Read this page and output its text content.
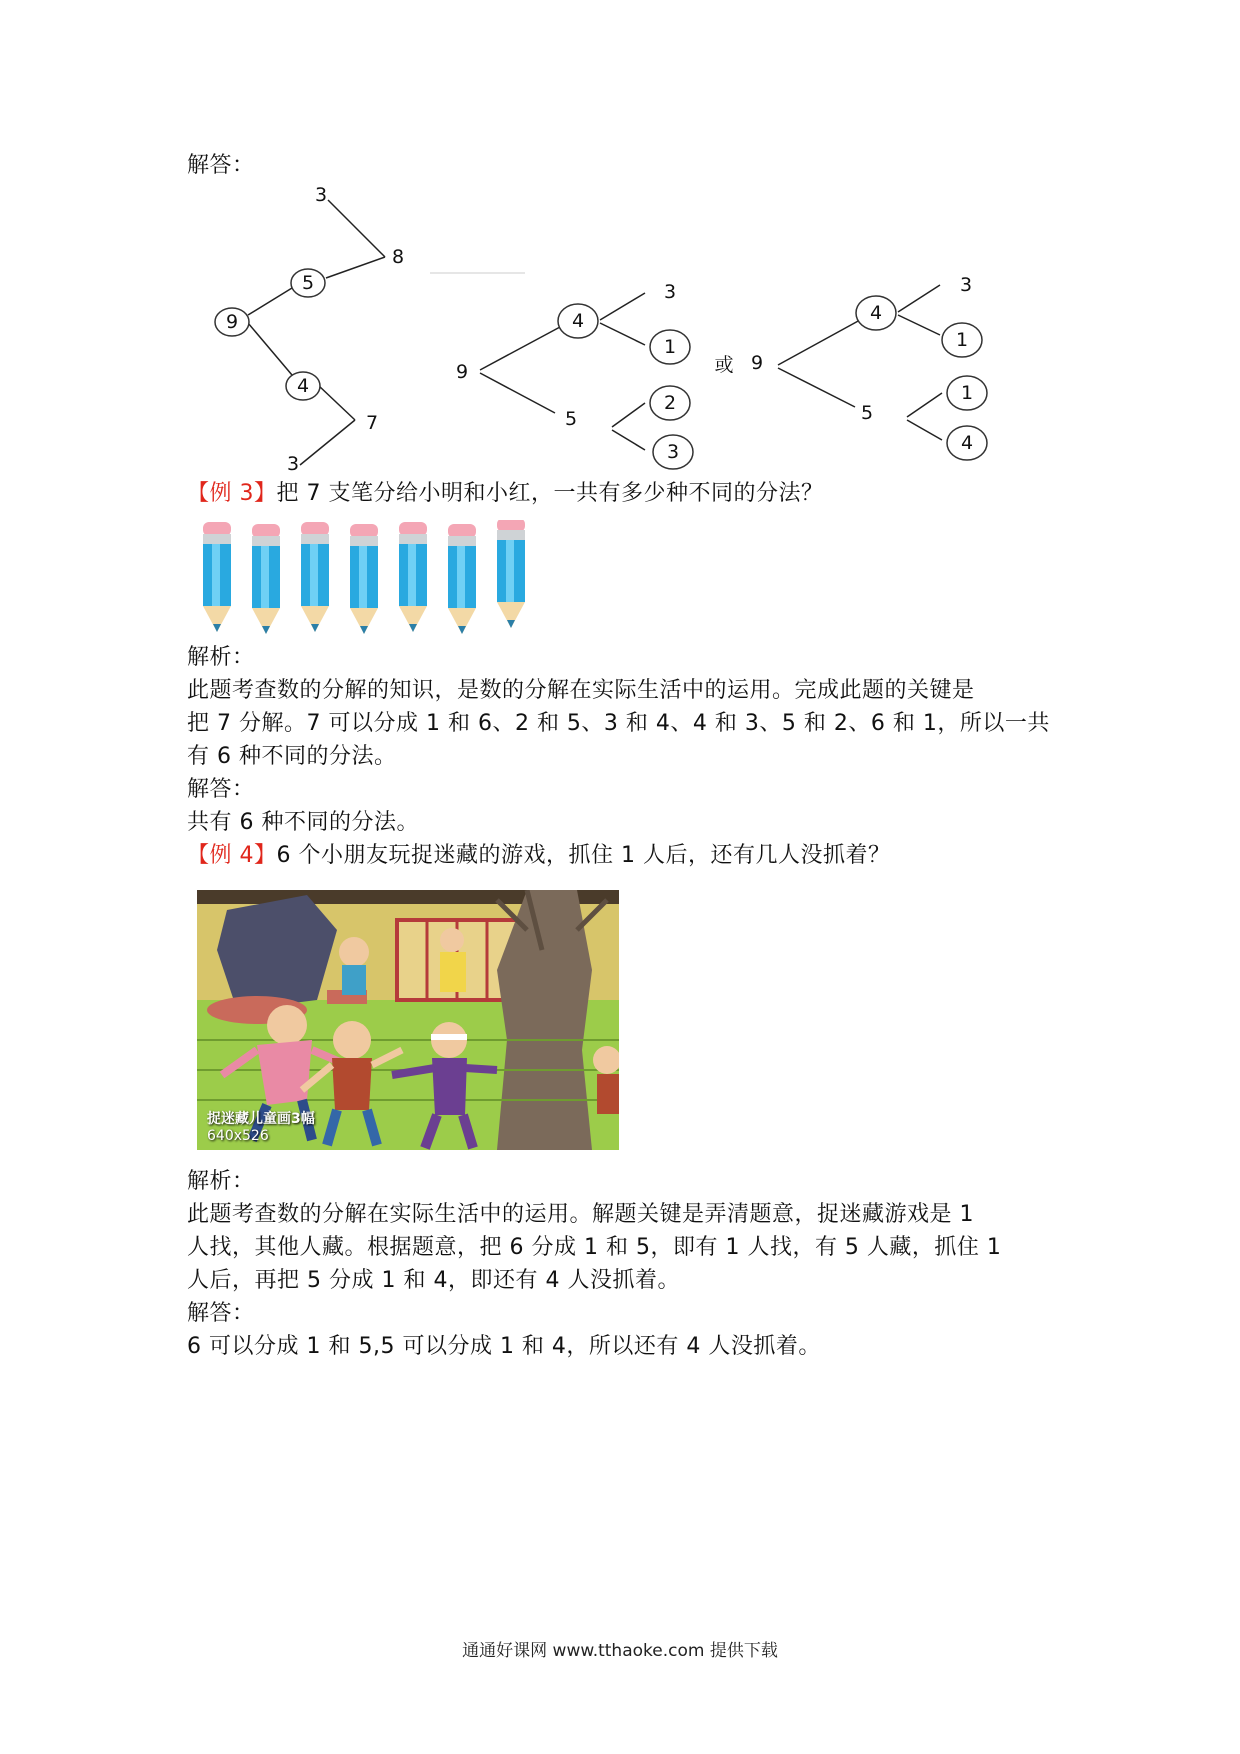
解答：
3
8
5
9
4
7
3
9
4
3
1
5
2
3
或 9
4
3
1
5
1
4
【例 3】把 7 支笔分给小明和小红，一共有多少种不同的分法？
解析：
此题考查数的分解的知识，是数的分解在实际生活中的运用。完成此题的关键是
把 7 分解。7 可以分成 1 和 6、2 和 5、3 和 4、4 和 3、5 和 2、6 和 1，所以一共
有 6 种不同的分法。
解答：
共有 6 种不同的分法。
【例 4】6 个小朋友玩捉迷藏的游戏，抓住 1 人后，还有几人没抓着？
捉迷藏儿童画3幅
640x526
解析：
此题考查数的分解在实际生活中的运用。解题关键是弄清题意，捉迷藏游戏是 1
人找，其他人藏。根据题意，把 6 分成 1 和 5，即有 1 人找，有 5 人藏，抓住 1
人后，再把 5 分成 1 和 4，即还有 4 人没抓着。
解答：
6 可以分成 1 和 5,5 可以分成 1 和 4，所以还有 4 人没抓着。
通通好课网 www.tthaoke.com 提供下载
